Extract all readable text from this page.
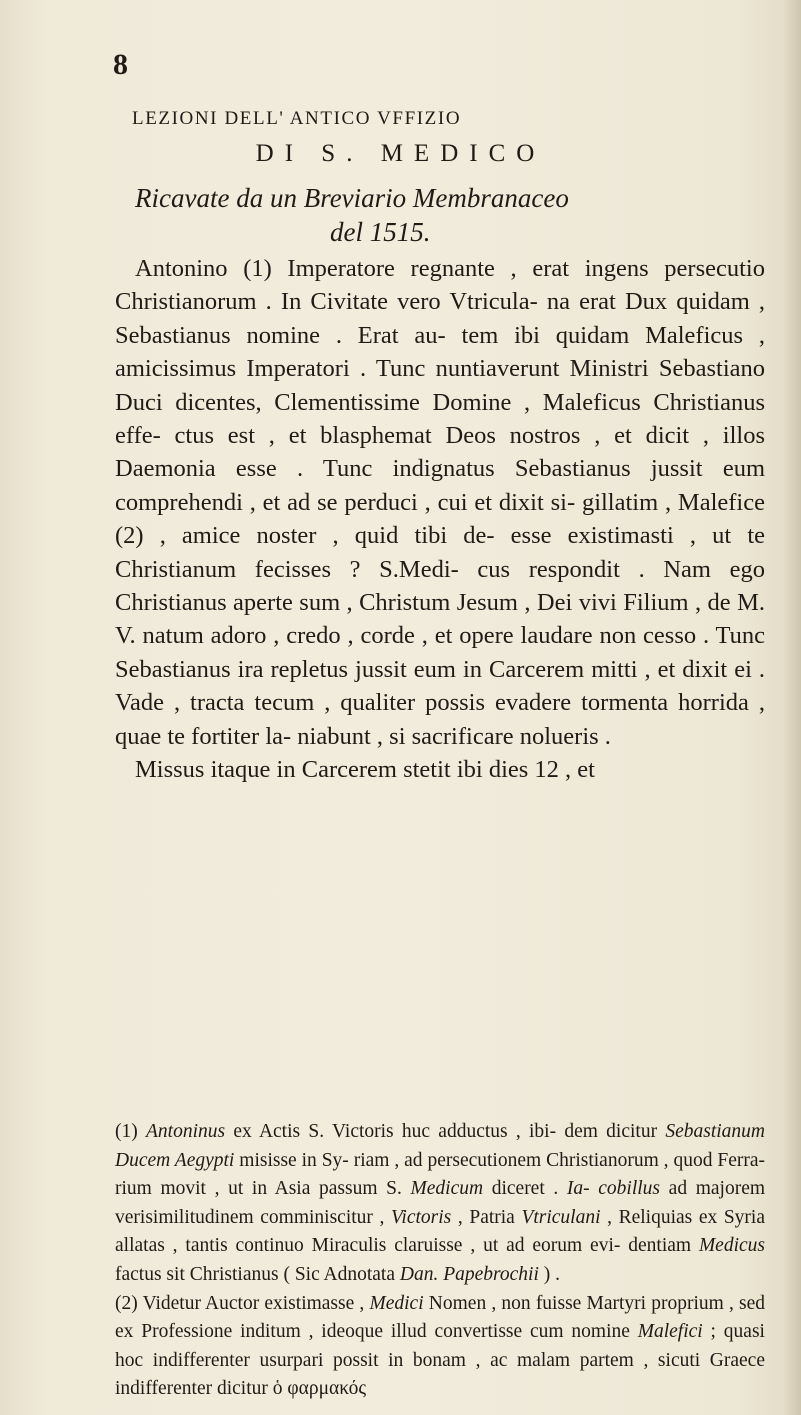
8
LEZIONI DELL' ANTICO VFFIZIO
DI S. MEDICO
Ricavate da un Breviario Membranaceo
del 1515.

Antonino (1) Imperatore regnante , erat ingens persecutio Christianorum . In Civitate vero Vtricula- na erat Dux quidam , Sebastianus nomine . Erat au- tem ibi quidam Maleficus , amicissimus Imperatori . Tunc nuntiaverunt Ministri Sebastiano Duci dicentes, Clementissime Domine , Maleficus Christianus effe- ctus est , et blasphemat Deos nostros , et dicit , illos Daemonia esse . Tunc indignatus Sebastianus jussit eum comprehendi , et ad se perduci , cui et dixit si- gillatim , Malefice (2) , amice noster , quid tibi de- esse existimasti , ut te Christianum fecisses ? S.Medi- cus respondit . Nam ego Christianus aperte sum , Christum Jesum , Dei vivi Filium , de M. V. natum adoro , credo , corde , et opere laudare non cesso . Tunc Sebastianus ira repletus jussit eum in Carcerem mitti , et dixit ei . Vade , tracta tecum , qualiter possis evadere tormenta horrida , quae te fortiter la- niabunt , si sacrificare nolueris .

Missus itaque in Carcerem stetit ibi dies 12 , et

(1) Antoninus ex Actis S. Victoris huc adductus , ibi- dem dicitur Sebastianum Ducem Aegypti misisse in Sy- riam , ad persecutionem Christianorum , quod Ferra- rium movit , ut in Asia passum S. Medicum diceret . Ia- cobillus ad majorem verisimilitudinem comminiscitur , Victoris , Patria Vtriculani , Reliquias ex Syria allatas , tantis continuo Miraculis claruisse , ut ad eorum evi- dentiam Medicus factus sit Christianus ( Sic Adnotata Dan. Papebrochii ) .

(2) Videtur Auctor existimasse , Medici Nomen , non fuisse Martyri proprium , sed ex Professione inditum , ideoque illud convertisse cum nomine Malefici ; quasi hoc indifferenter usurpari possit in bonam , ac malam partem , sicuti Graece indifferenter dicitur ὁ φαρμακός
